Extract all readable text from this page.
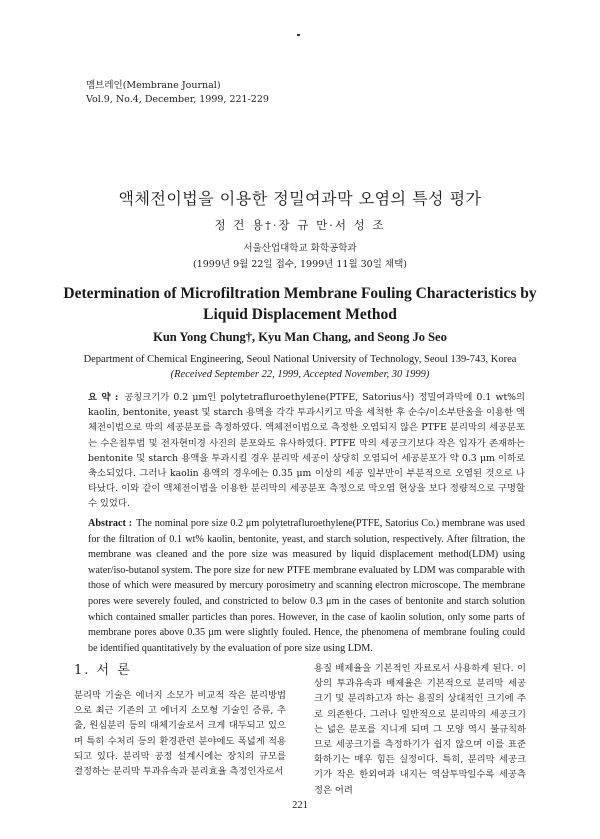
멤브레인(Membrane Journal)
Vol.9, No.4, December, 1999, 221-229
액체전이법을 이용한 정밀여과막 오염의 특성 평가
정 건 용†·장 규 만·서 성 조
서울산업대학교 화학공학과
(1999년 9월 22일 접수, 1999년 11월 30일 채택)
Determination of Microfiltration Membrane Fouling Characteristics by
Liquid Displacement Method
Kun Yong Chung†, Kyu Man Chang, and Seong Jo Seo
Department of Chemical Engineering, Seoul National University of Technology, Seoul 139-743, Korea
(Received September 22, 1999, Accepted November, 30 1999)
요 약 : 공칭크기가 0.2 μm인 polytetrafluroethylene(PTFE, Satorius사) 정밀여과막에 0.1 wt%의 kaolin, bentonite, yeast 및 starch 용액을 각각 투과시키고 막을 세척한 후 순수/이소부탄올을 이용한 액체전이법으로 막의 세공분포를 측정하였다. 액체전이법으로 측정한 오염되지 않은 PTFE 분리막의 세공분포는 수은침투법 및 전자현미경 사진의 분포와도 유사하였다. PTFE 막의 세공크기보다 작은 입자가 존재하는 bentonite 및 starch 용액을 투과시킬 경우 분리막 세공이 상당히 오염되어 세공분포가 약 0.3 μm 이하로 축소되었다. 그러나 kaolin 용액의 경우에는 0.35 μm 이상의 세공 일부만이 부분적으로 오염된 것으로 나타났다. 이와 같이 액체전이법을 이용한 분리막의 세공분포 측정으로 막오염 현상을 보다 정량적으로 구명할 수 있었다.
Abstract : The nominal pore size 0.2 μm polytetrafluroethylene(PTFE, Satorius Co.) membrane was used for the filtration of 0.1 wt% kaolin, bentonite, yeast, and starch solution, respectively. After filtration, the membrane was cleaned and the pore size was measured by liquid displacement method(LDM) using water/iso-butanol system. The pore size for new PTFE membrane evaluated by LDM was comparable with those of which were measured by mercury porosimetry and scanning electron microscope. The membrane pores were severely fouled, and constricted to below 0.3 μm in the cases of bentonite and starch solution which contained smaller particles than pores. However, in the case of kaolin solution, only some parts of membrane pores above 0.35 μm were slightly fouled. Hence, the phenomena of membrane fouling could be identified quantitatively by the evaluation of pore size using LDM.
1. 서 론
분리막 기술은 에너지 소모가 비교적 작은 분리방법으로 최근 기존의 고 에너지 소모형 기술인 증류, 추출, 원심분리 등의 대체기술로서 크게 대두되고 있으며 특히 수처리 등의 환경관련 분야에도 폭넓게 적용되고 있다. 분리막 공정 설계시에는 장치의 규모를 결정하는 분리막 투과유속과 분리효율 측정인자로서
용질 배제율을 기본적인 자료로서 사용하게 된다. 이상의 투과유속과 배제율은 기본적으로 분리막 세공크기 및 분리하고자 하는 용질의 상대적인 크기에 주로 의존한다. 그러나 일반적으로 분리막의 세공크기는 넓은 분포를 지니게 되며 그 모양 역시 불규칙하므로 세공크기를 측정하기가 쉽지 않으며 이를 표준화하기는 매우 힘든 실정이다. 특히, 분리막 세공크기가 작은 한외여과 내지는 역삼투막일수록 세공측정은 어려
221
